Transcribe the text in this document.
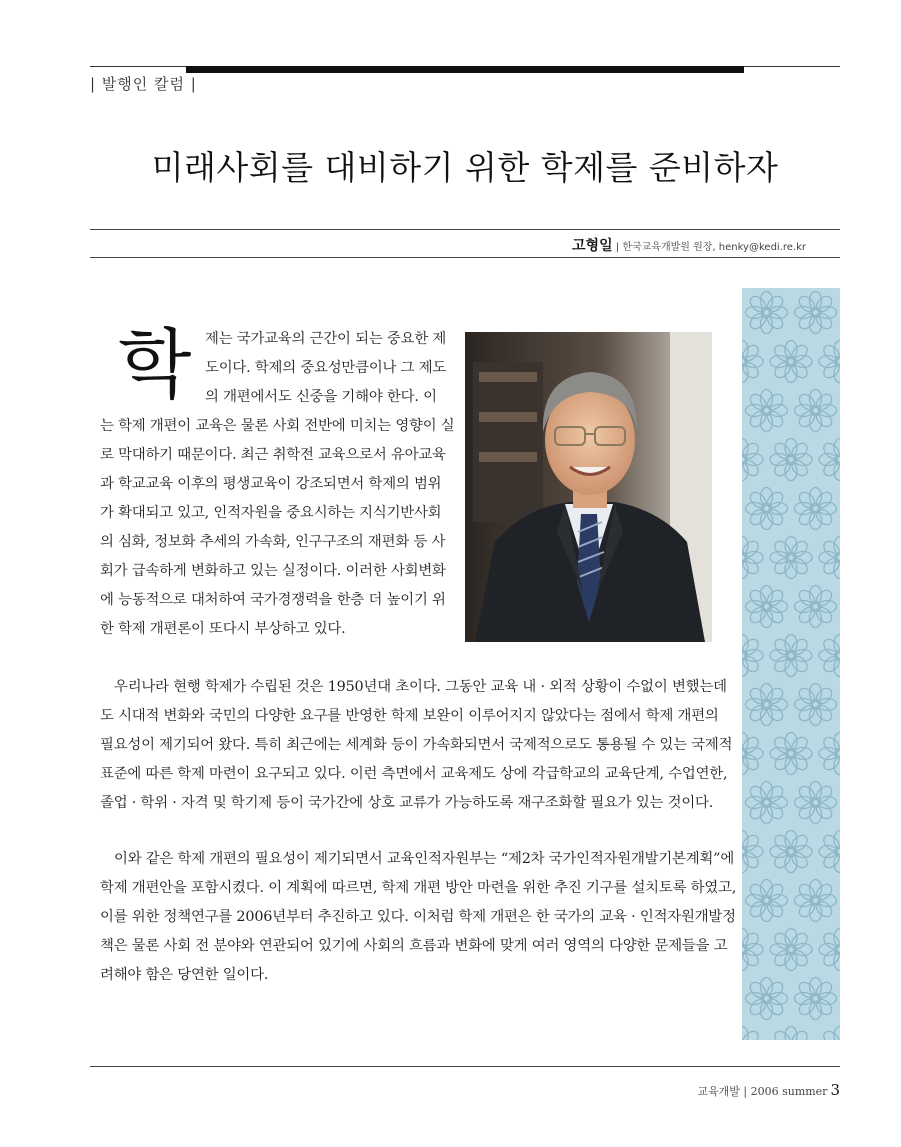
| 발행인 칼럼 |
미래사회를 대비하기 위한 학제를 준비하자
고형일 | 한국교육개발원 원장, henky@kedi.re.kr
학 제는 국가교육의 근간이 되는 중요한 제
도이다. 학제의 중요성만큼이나 그 제도
의 개편에서도 신중을 기해야 한다. 이
는 학제 개편이 교육은 물론 사회 전반에 미치는 영향이 실
로 막대하기 때문이다. 최근 취학전 교육으로서 유아교육
과 학교교육 이후의 평생교육이 강조되면서 학제의 범위
가 확대되고 있고, 인적자원을 중요시하는 지식기반사회
의 심화, 정보화 추세의 가속화, 인구구조의 재편화 등 사
회가 급속하게 변화하고 있는 실정이다. 이러한 사회변화
에 능동적으로 대처하여 국가경쟁력을 한층 더 높이기 위
한 학제 개편론이 또다시 부상하고 있다.
우리나라 현행 학제가 수립된 것은 1950년대 초이다. 그동안 교육 내 · 외적 상황이 수없이 변했는데
도 시대적 변화와 국민의 다양한 요구를 반영한 학제 보완이 이루어지지 않았다는 점에서 학제 개편의
필요성이 제기되어 왔다. 특히 최근에는 세계화 등이 가속화되면서 국제적으로도 통용될 수 있는 국제적
표준에 따른 학제 마련이 요구되고 있다. 이런 측면에서 교육제도 상에 각급학교의 교육단계, 수업연한,
졸업 · 학위 · 자격 및 학기제 등이 국가간에 상호 교류가 가능하도록 재구조화할 필요가 있는 것이다.
이와 같은 학제 개편의 필요성이 제기되면서 교육인적자원부는 “제2차 국가인적자원개발기본계획”에
학제 개편안을 포함시켰다. 이 계획에 따르면, 학제 개편 방안 마련을 위한 추진 기구를 설치토록 하였고,
이를 위한 정책연구를 2006년부터 추진하고 있다. 이처럼 학제 개편은 한 국가의 교육 · 인적자원개발정
책은 물론 사회 전 분야와 연관되어 있기에 사회의 흐름과 변화에 맞게 여러 영역의 다양한 문제들을 고
려해야 함은 당연한 일이다.
교육개발 | 2006 summer 3
